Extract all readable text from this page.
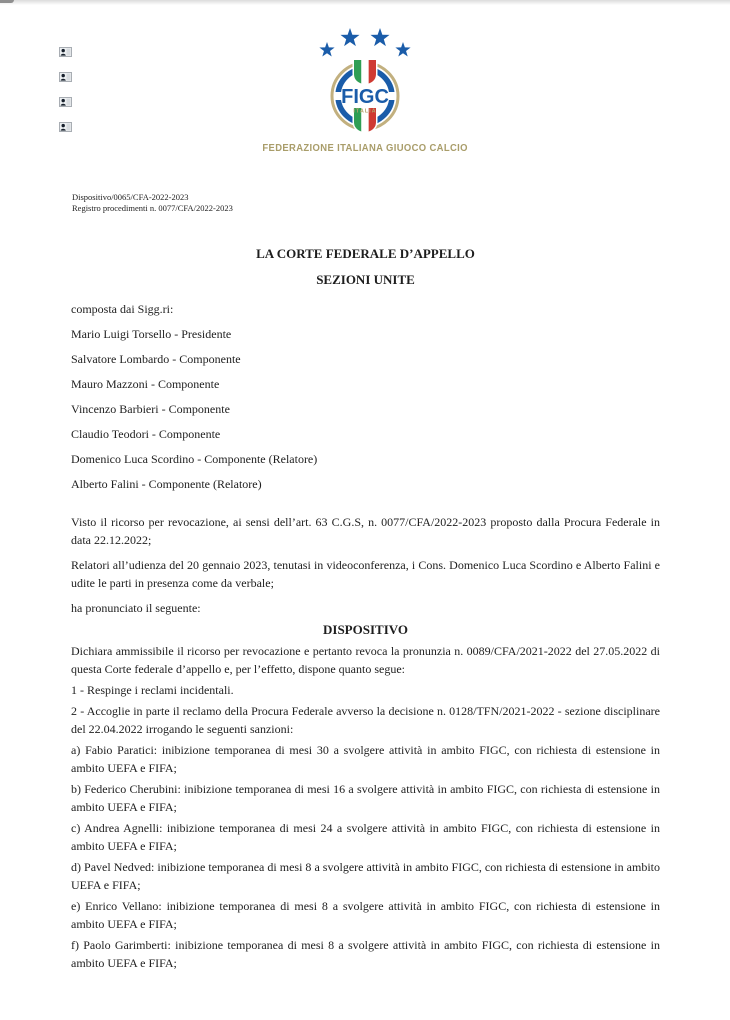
FIGC
ITALIA
FEDERAZIONE ITALIANA GIUOCO CALCIO
Dispositivo/0065/CFA-2022-2023
Registro procedimenti n. 0077/CFA/2022-2023
LA CORTE FEDERALE D’APPELLO
SEZIONI UNITE

composta dai Sigg.ri:

Mario Luigi Torsello - Presidente

Salvatore Lombardo - Componente

Mauro Mazzoni - Componente

Vincenzo Barbieri - Componente

Claudio Teodori - Componente

Domenico Luca Scordino - Componente (Relatore)

Alberto Falini - Componente (Relatore)

Visto il ricorso per revocazione, ai sensi dell’art. 63 C.G.S, n. 0077/CFA/2022-2023 proposto dalla Procura Federale in data 22.12.2022;

Relatori all’udienza del 20 gennaio 2023, tenutasi in videoconferenza, i Cons. Domenico Luca Scordino e Alberto Falini e udite le parti in presenza come da verbale;

ha pronunciato il seguente:

DISPOSITIVO

Dichiara ammissibile il ricorso per revocazione e pertanto revoca la pronunzia n. 0089/CFA/2021-2022 del 27.05.2022 di questa Corte federale d’appello e, per l’effetto, dispone quanto segue:

1 - Respinge i reclami incidentali.

2 - Accoglie in parte il reclamo della Procura Federale avverso la decisione n. 0128/TFN/2021-2022 - sezione disciplinare del 22.04.2022 irrogando le seguenti sanzioni:

a) Fabio Paratici: inibizione temporanea di mesi 30 a svolgere attività in ambito FIGC, con richiesta di estensione in ambito UEFA e FIFA;

b) Federico Cherubini: inibizione temporanea di mesi 16 a svolgere attività in ambito FIGC, con richiesta di estensione in ambito UEFA e FIFA;

c) Andrea Agnelli: inibizione temporanea di mesi 24 a svolgere attività in ambito FIGC, con richiesta di estensione in ambito UEFA e FIFA;

d) Pavel Nedved: inibizione temporanea di mesi 8 a svolgere attività in ambito FIGC, con richiesta di estensione in ambito UEFA e FIFA;

e) Enrico Vellano: inibizione temporanea di mesi 8 a svolgere attività in ambito FIGC, con richiesta di estensione in ambito UEFA e FIFA;

f) Paolo Garimberti: inibizione temporanea di mesi 8 a svolgere attività in ambito FIGC, con richiesta di estensione in ambito UEFA e FIFA;
